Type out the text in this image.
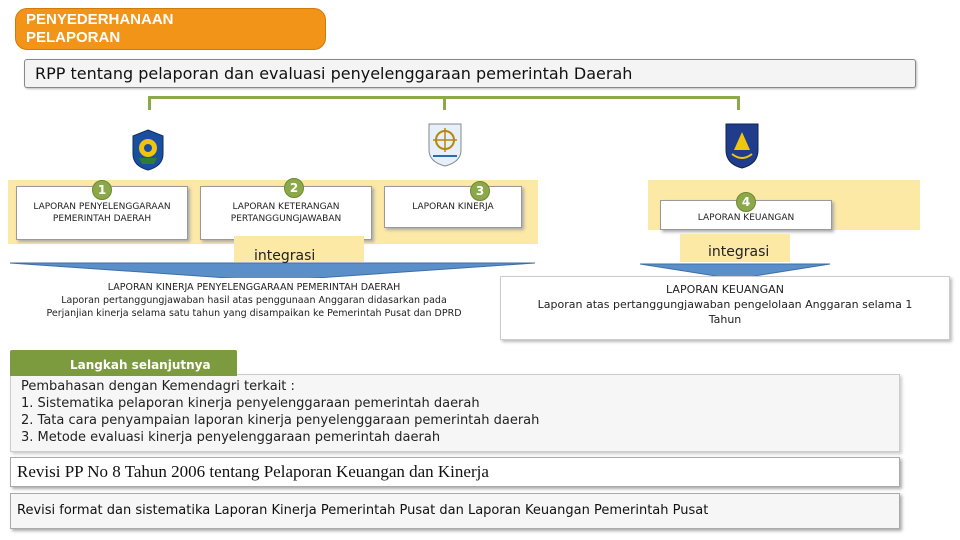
PENYEDERHANAAN
PELAPORAN
RPP tentang pelaporan dan evaluasi penyelenggaraan pemerintah Daerah
LAPORAN PENYELENGGARAAN PEMERINTAH DAERAH
1
LAPORAN KETERANGAN PERTANGGUNGJAWABAN
2
LAPORAN KINERJA
3
LAPORAN KEUANGAN
4
integrasi	integrasi
LAPORAN KINERJA PENYELENGGARAAN PEMERINTAH DAERAH
Laporan pertanggungjawaban hasil atas penggunaan Anggaran didasarkan pada Perjanjian kinerja selama satu tahun yang disampaikan ke Pemerintah Pusat dan DPRD
LAPORAN KEUANGAN
Laporan atas pertanggungjawaban pengelolaan Anggaran selama 1 Tahun
Pembahasan dengan Kemendagri terkait :
1. Sistematika pelaporan kinerja penyelenggaraan pemerintah daerah
2. Tata cara penyampaian laporan kinerja penyelenggaraan pemerintah daerah
3. Metode evaluasi kinerja penyelenggaraan pemerintah daerah
Langkah selanjutnya
Revisi PP No 8 Tahun 2006 tentang Pelaporan Keuangan dan Kinerja
Revisi format dan sistematika Laporan Kinerja Pemerintah Pusat dan Laporan Keuangan Pemerintah Pusat
